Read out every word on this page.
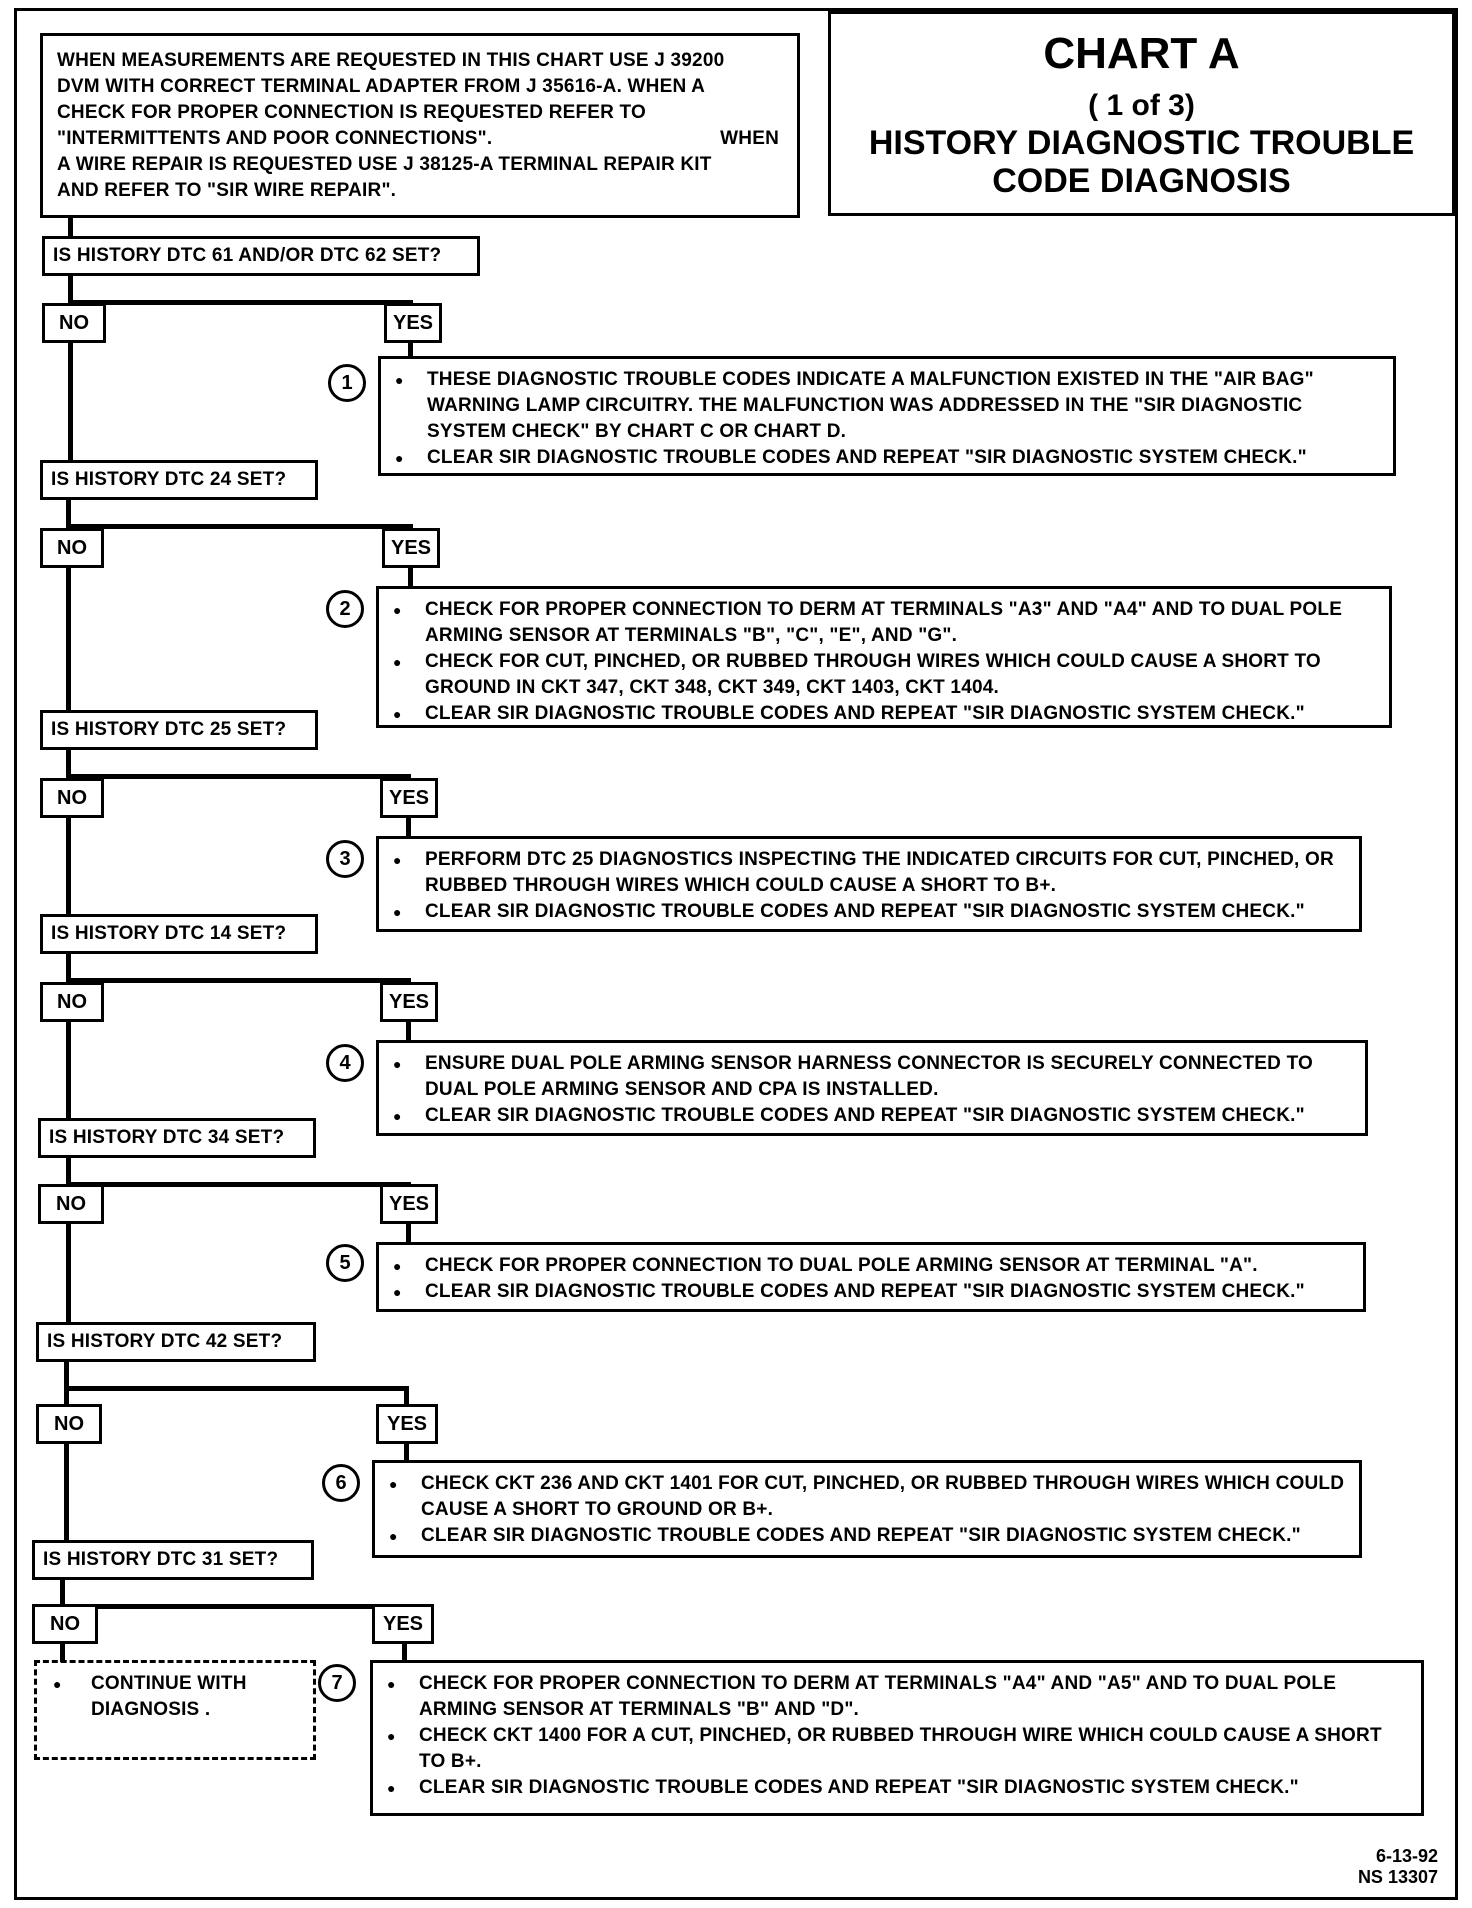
WHEN MEASUREMENTS ARE REQUESTED IN THIS CHART USE J 39200

DVM WITH CORRECT TERMINAL ADAPTER FROM J 35616-A. WHEN A

CHECK FOR PROPER CONNECTION IS REQUESTED REFER TO

"INTERMITTENTS AND POOR CONNECTIONS".	WHEN

A WIRE REPAIR IS REQUESTED USE J 38125-A TERMINAL REPAIR KIT

AND REFER TO "SIR WIRE REPAIR".

CHART A
( 1 of 3)
HISTORY DIAGNOSTIC TROUBLE
CODE DIAGNOSIS
IS HISTORY DTC 61 AND/OR DTC 62 SET?
NO	YES
1	● THESE DIAGNOSTIC TROUBLE CODES INDICATE A MALFUNCTION EXISTED IN THE "AIR BAG" WARNING LAMP CIRCUITRY. THE MALFUNCTION WAS ADDRESSED IN THE "SIR DIAGNOSTIC SYSTEM CHECK" BY CHART C OR CHART D.
● CLEAR SIR DIAGNOSTIC TROUBLE CODES AND REPEAT "SIR DIAGNOSTIC SYSTEM CHECK."
IS HISTORY DTC 24 SET?
NO	YES
2	● CHECK FOR PROPER CONNECTION TO DERM AT TERMINALS "A3" AND "A4" AND TO DUAL POLE ARMING SENSOR AT TERMINALS "B", "C", "E", AND "G".
● CHECK FOR CUT, PINCHED, OR RUBBED THROUGH WIRES WHICH COULD CAUSE A SHORT TO GROUND IN CKT 347, CKT 348, CKT 349, CKT 1403, CKT 1404.
● CLEAR SIR DIAGNOSTIC TROUBLE CODES AND REPEAT "SIR DIAGNOSTIC SYSTEM CHECK."
IS HISTORY DTC 25 SET?
NO	YES
3	● PERFORM DTC 25 DIAGNOSTICS INSPECTING THE INDICATED CIRCUITS FOR CUT, PINCHED, OR RUBBED THROUGH WIRES WHICH COULD CAUSE A SHORT TO B+.
● CLEAR SIR DIAGNOSTIC TROUBLE CODES AND REPEAT "SIR DIAGNOSTIC SYSTEM CHECK."
IS HISTORY DTC 14 SET?
NO	YES
4	● ENSURE DUAL POLE ARMING SENSOR HARNESS CONNECTOR IS SECURELY CONNECTED TO DUAL POLE ARMING SENSOR AND CPA IS INSTALLED.
● CLEAR SIR DIAGNOSTIC TROUBLE CODES AND REPEAT "SIR DIAGNOSTIC SYSTEM CHECK."
IS HISTORY DTC 34 SET?
NO	YES
5	● CHECK FOR PROPER CONNECTION TO DUAL POLE ARMING SENSOR AT TERMINAL "A".
● CLEAR SIR DIAGNOSTIC TROUBLE CODES AND REPEAT "SIR DIAGNOSTIC SYSTEM CHECK."
IS HISTORY DTC 42 SET?
NO	YES
6	● CHECK CKT 236 AND CKT 1401 FOR CUT, PINCHED, OR RUBBED THROUGH WIRES WHICH COULD CAUSE A SHORT TO GROUND OR B+.
● CLEAR SIR DIAGNOSTIC TROUBLE CODES AND REPEAT "SIR DIAGNOSTIC SYSTEM CHECK."
IS HISTORY DTC 31 SET?
NO	YES
7	● CHECK FOR PROPER CONNECTION TO DERM AT TERMINALS "A4" AND "A5" AND TO DUAL POLE ARMING SENSOR AT TERMINALS "B" AND "D".
● CHECK CKT 1400 FOR A CUT, PINCHED, OR RUBBED THROUGH WIRE WHICH COULD CAUSE A SHORT TO B+.
● CLEAR SIR DIAGNOSTIC TROUBLE CODES AND REPEAT "SIR DIAGNOSTIC SYSTEM CHECK."
● CONTINUE WITH DIAGNOSIS .
6-13-92
NS 13307
